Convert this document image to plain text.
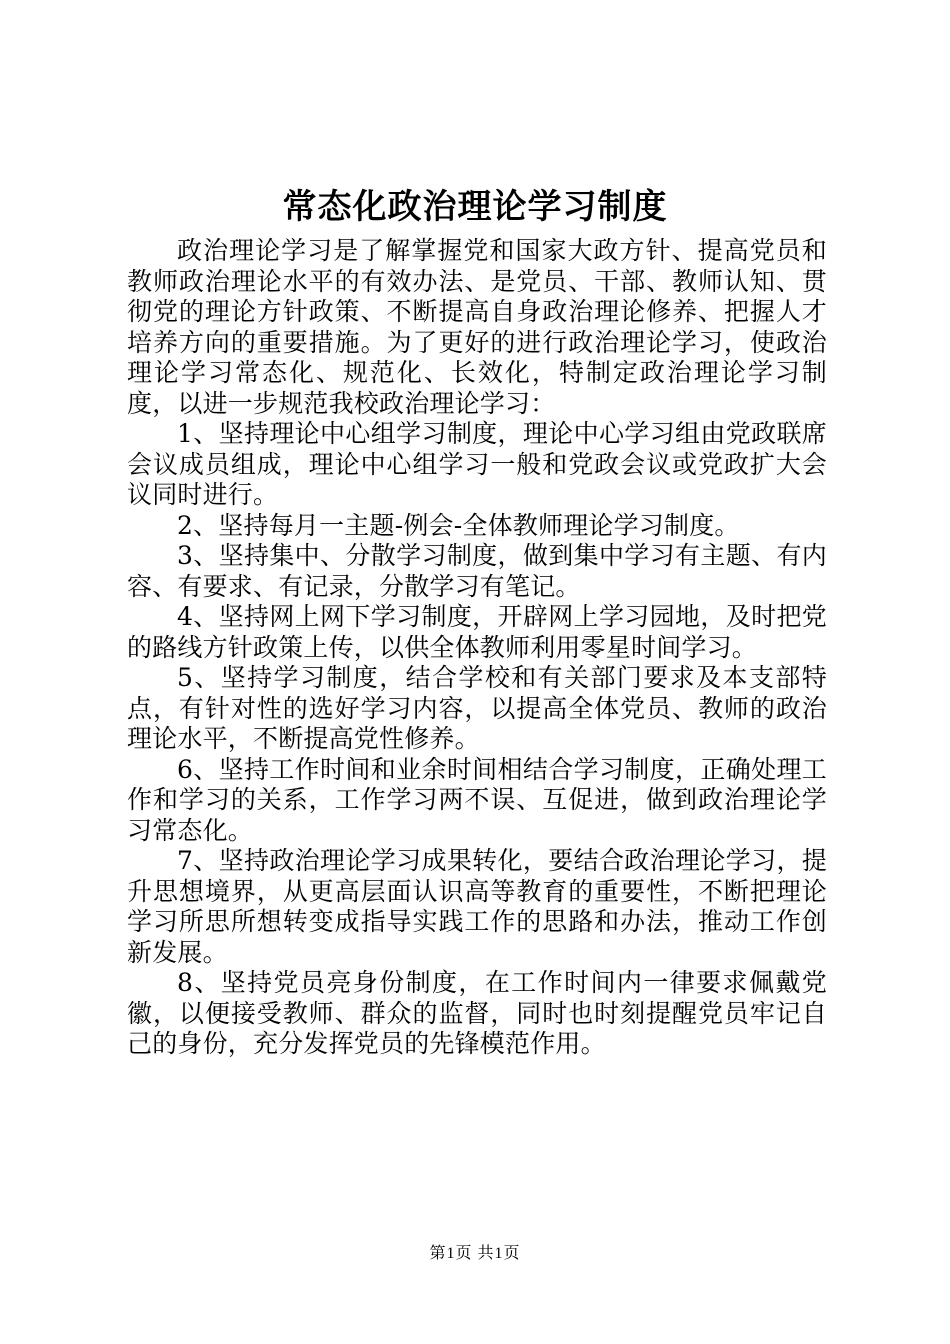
常态化政治理论学习制度

政治理论学习是了解掌握党和国家大政方针、提高党员和教师政治理论水平的有效办法、是党员、干部、教师认知、贯彻党的理论方针政策、不断提高自身政治理论修养、把握人才培养方向的重要措施。为了更好的进行政治理论学习，使政治理论学习常态化、规范化、长效化，特制定政治理论学习制度，以进一步规范我校政治理论学习：

1、坚持理论中心组学习制度，理论中心学习组由党政联席会议成员组成，理论中心组学习一般和党政会议或党政扩大会议同时进行。

2、坚持每月一主题-例会-全体教师理论学习制度。

3、坚持集中、分散学习制度，做到集中学习有主题、有内容、有要求、有记录，分散学习有笔记。

4、坚持网上网下学习制度，开辟网上学习园地，及时把党的路线方针政策上传，以供全体教师利用零星时间学习。

5、坚持学习制度，结合学校和有关部门要求及本支部特点，有针对性的选好学习内容，以提高全体党员、教师的政治理论水平，不断提高党性修养。

6、坚持工作时间和业余时间相结合学习制度，正确处理工作和学习的关系，工作学习两不误、互促进，做到政治理论学习常态化。

7、坚持政治理论学习成果转化，要结合政治理论学习，提升思想境界，从更高层面认识高等教育的重要性，不断把理论学习所思所想转变成指导实践工作的思路和办法，推动工作创新发展。

8、坚持党员亮身份制度，在工作时间内一律要求佩戴党徽，以便接受教师、群众的监督，同时也时刻提醒党员牢记自己的身份，充分发挥党员的先锋模范作用。

第1页 共1页
